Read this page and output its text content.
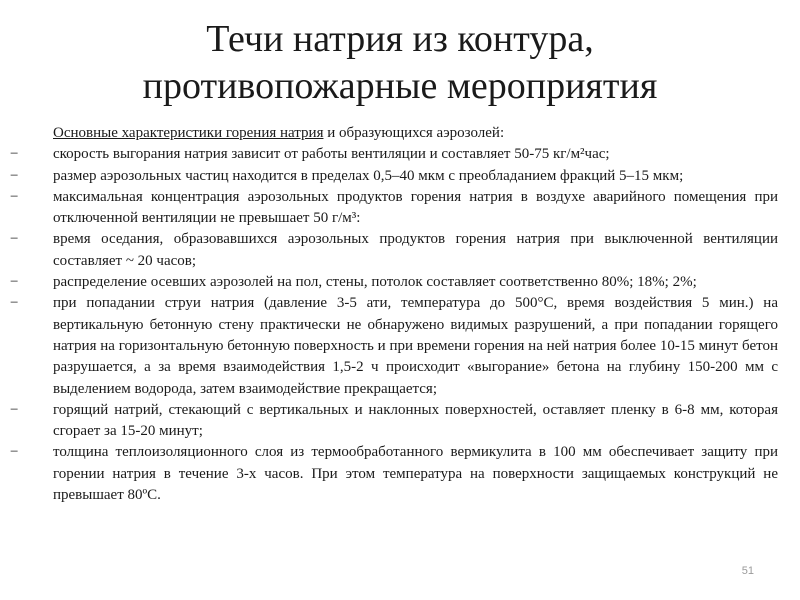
Течи натрия из контура,
противопожарные мероприятия

Основные характеристики горения натрия и образующихся аэрозолей:

−	скорость выгорания натрия зависит от работы вентиляции и составляет 50-75 кг/м²час;
−	размер аэрозольных частиц находится в пределах 0,5–40 мкм с преобладанием фракций 5–15 мкм;
−	максимальная концентрация аэрозольных продуктов горения натрия в воздухе аварийного помещения при отключенной вентиляции не превышает 50 г/м³:
−	время оседания, образовавшихся аэрозольных продуктов горения натрия при выключенной вентиляции составляет ~ 20 часов;
−	распределение осевших аэрозолей на пол, стены, потолок составляет соответственно 80%; 18%; 2%;
−	при попадании струи натрия (давление 3-5 ати, температура до 500°С, время воздействия 5 мин.) на вертикальную бетонную стену практически не обнаружено видимых разрушений, а при попадании горящего натрия на горизонтальную бетонную поверхность и при времени горения на ней натрия более 10-15 минут бетон разрушается, а за время взаимодействия 1,5-2 ч происходит «выгорание» бетона на глубину 150-200 мм с выделением водорода, затем взаимодействие прекращается;
−	горящий натрий, стекающий с вертикальных и наклонных поверхностей, оставляет пленку в 6-8 мм, которая сгорает за 15-20 минут;
−	толщина теплоизоляционного слоя из термообработанного вермикулита в 100 мм обеспечивает защиту при горении натрия в течение 3-х часов. При этом температура на поверхности защищаемых конструкций не превышает 80ºС.
51
